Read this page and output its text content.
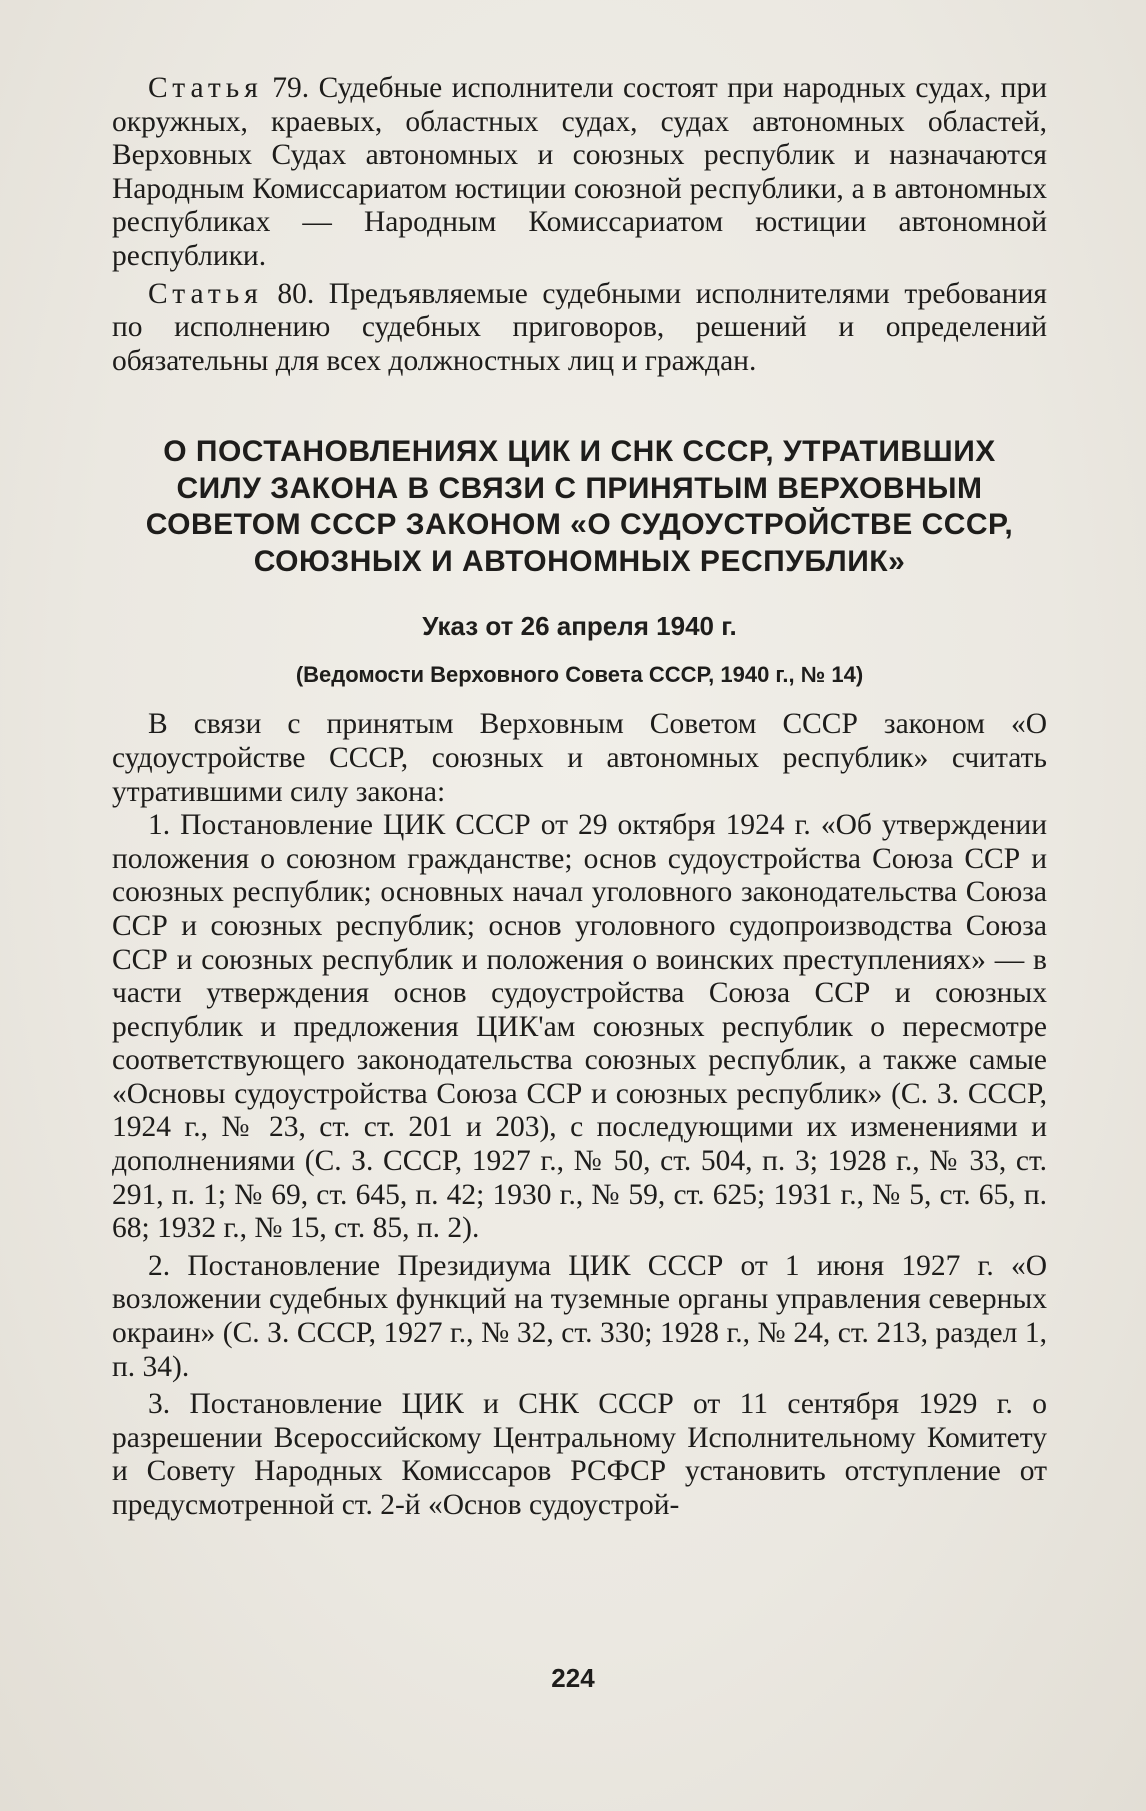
Статья 79. Судебные исполнители состоят при народных судах, при окружных, краевых, областных судах, судах автономных областей, Верховных Судах автономных и союзных республик и назначаются Народным Комиссариатом юстиции союзной республики, а в автономных республиках — Народным Комиссариатом юстиции автономной республики.

Статья 80. Предъявляемые судебными исполнителями требования по исполнению судебных приговоров, решений и определений обязательны для всех должностных лиц и граждан.

О ПОСТАНОВЛЕНИЯХ ЦИК И СНК СССР, УТРАТИВШИХ
СИЛУ ЗАКОНА В СВЯЗИ С ПРИНЯТЫМ ВЕРХОВНЫМ
СОВЕТОМ СССР ЗАКОНОМ «О СУДОУСТРОЙСТВЕ СССР,
СОЮЗНЫХ И АВТОНОМНЫХ РЕСПУБЛИК»

Указ от 26 апреля 1940 г.

(Ведомости Верховного Совета СССР, 1940 г., № 14)

В связи с принятым Верховным Советом СССР законом «О судоустройстве СССР, союзных и автономных республик» считать утратившими силу закона:

1. Постановление ЦИК СССР от 29 октября 1924 г. «Об утверждении положения о союзном гражданстве; основ судоустройства Союза ССР и союзных республик; основных начал уголовного законодательства Союза ССР и союзных республик; основ уголовного судопроизводства Союза ССР и союзных республик и положения о воинских преступлениях» — в части утверждения основ судоустройства Союза ССР и союзных республик и предложения ЦИК'ам союзных республик о пересмотре соответствующего законодательства союзных республик, а также самые «Основы судоустройства Союза ССР и союзных республик» (С. З. СССР, 1924 г., № 23, ст. ст. 201 и 203), с последующими их изменениями и дополнениями (С. З. СССР, 1927 г., № 50, ст. 504, п. 3; 1928 г., № 33, ст. 291, п. 1; № 69, ст. 645, п. 42; 1930 г., № 59, ст. 625; 1931 г., № 5, ст. 65, п. 68; 1932 г., № 15, ст. 85, п. 2).

2. Постановление Президиума ЦИК СССР от 1 июня 1927 г. «О возложении судебных функций на туземные органы управления северных окраин» (С. З. СССР, 1927 г., № 32, ст. 330; 1928 г., № 24, ст. 213, раздел 1, п. 34).

3. Постановление ЦИК и СНК СССР от 11 сентября 1929 г. о разрешении Всероссийскому Центральному Исполнительному Комитету и Совету Народных Комиссаров РСФСР установить отступление от предусмотренной ст. 2-й «Основ судоустрой-

224
